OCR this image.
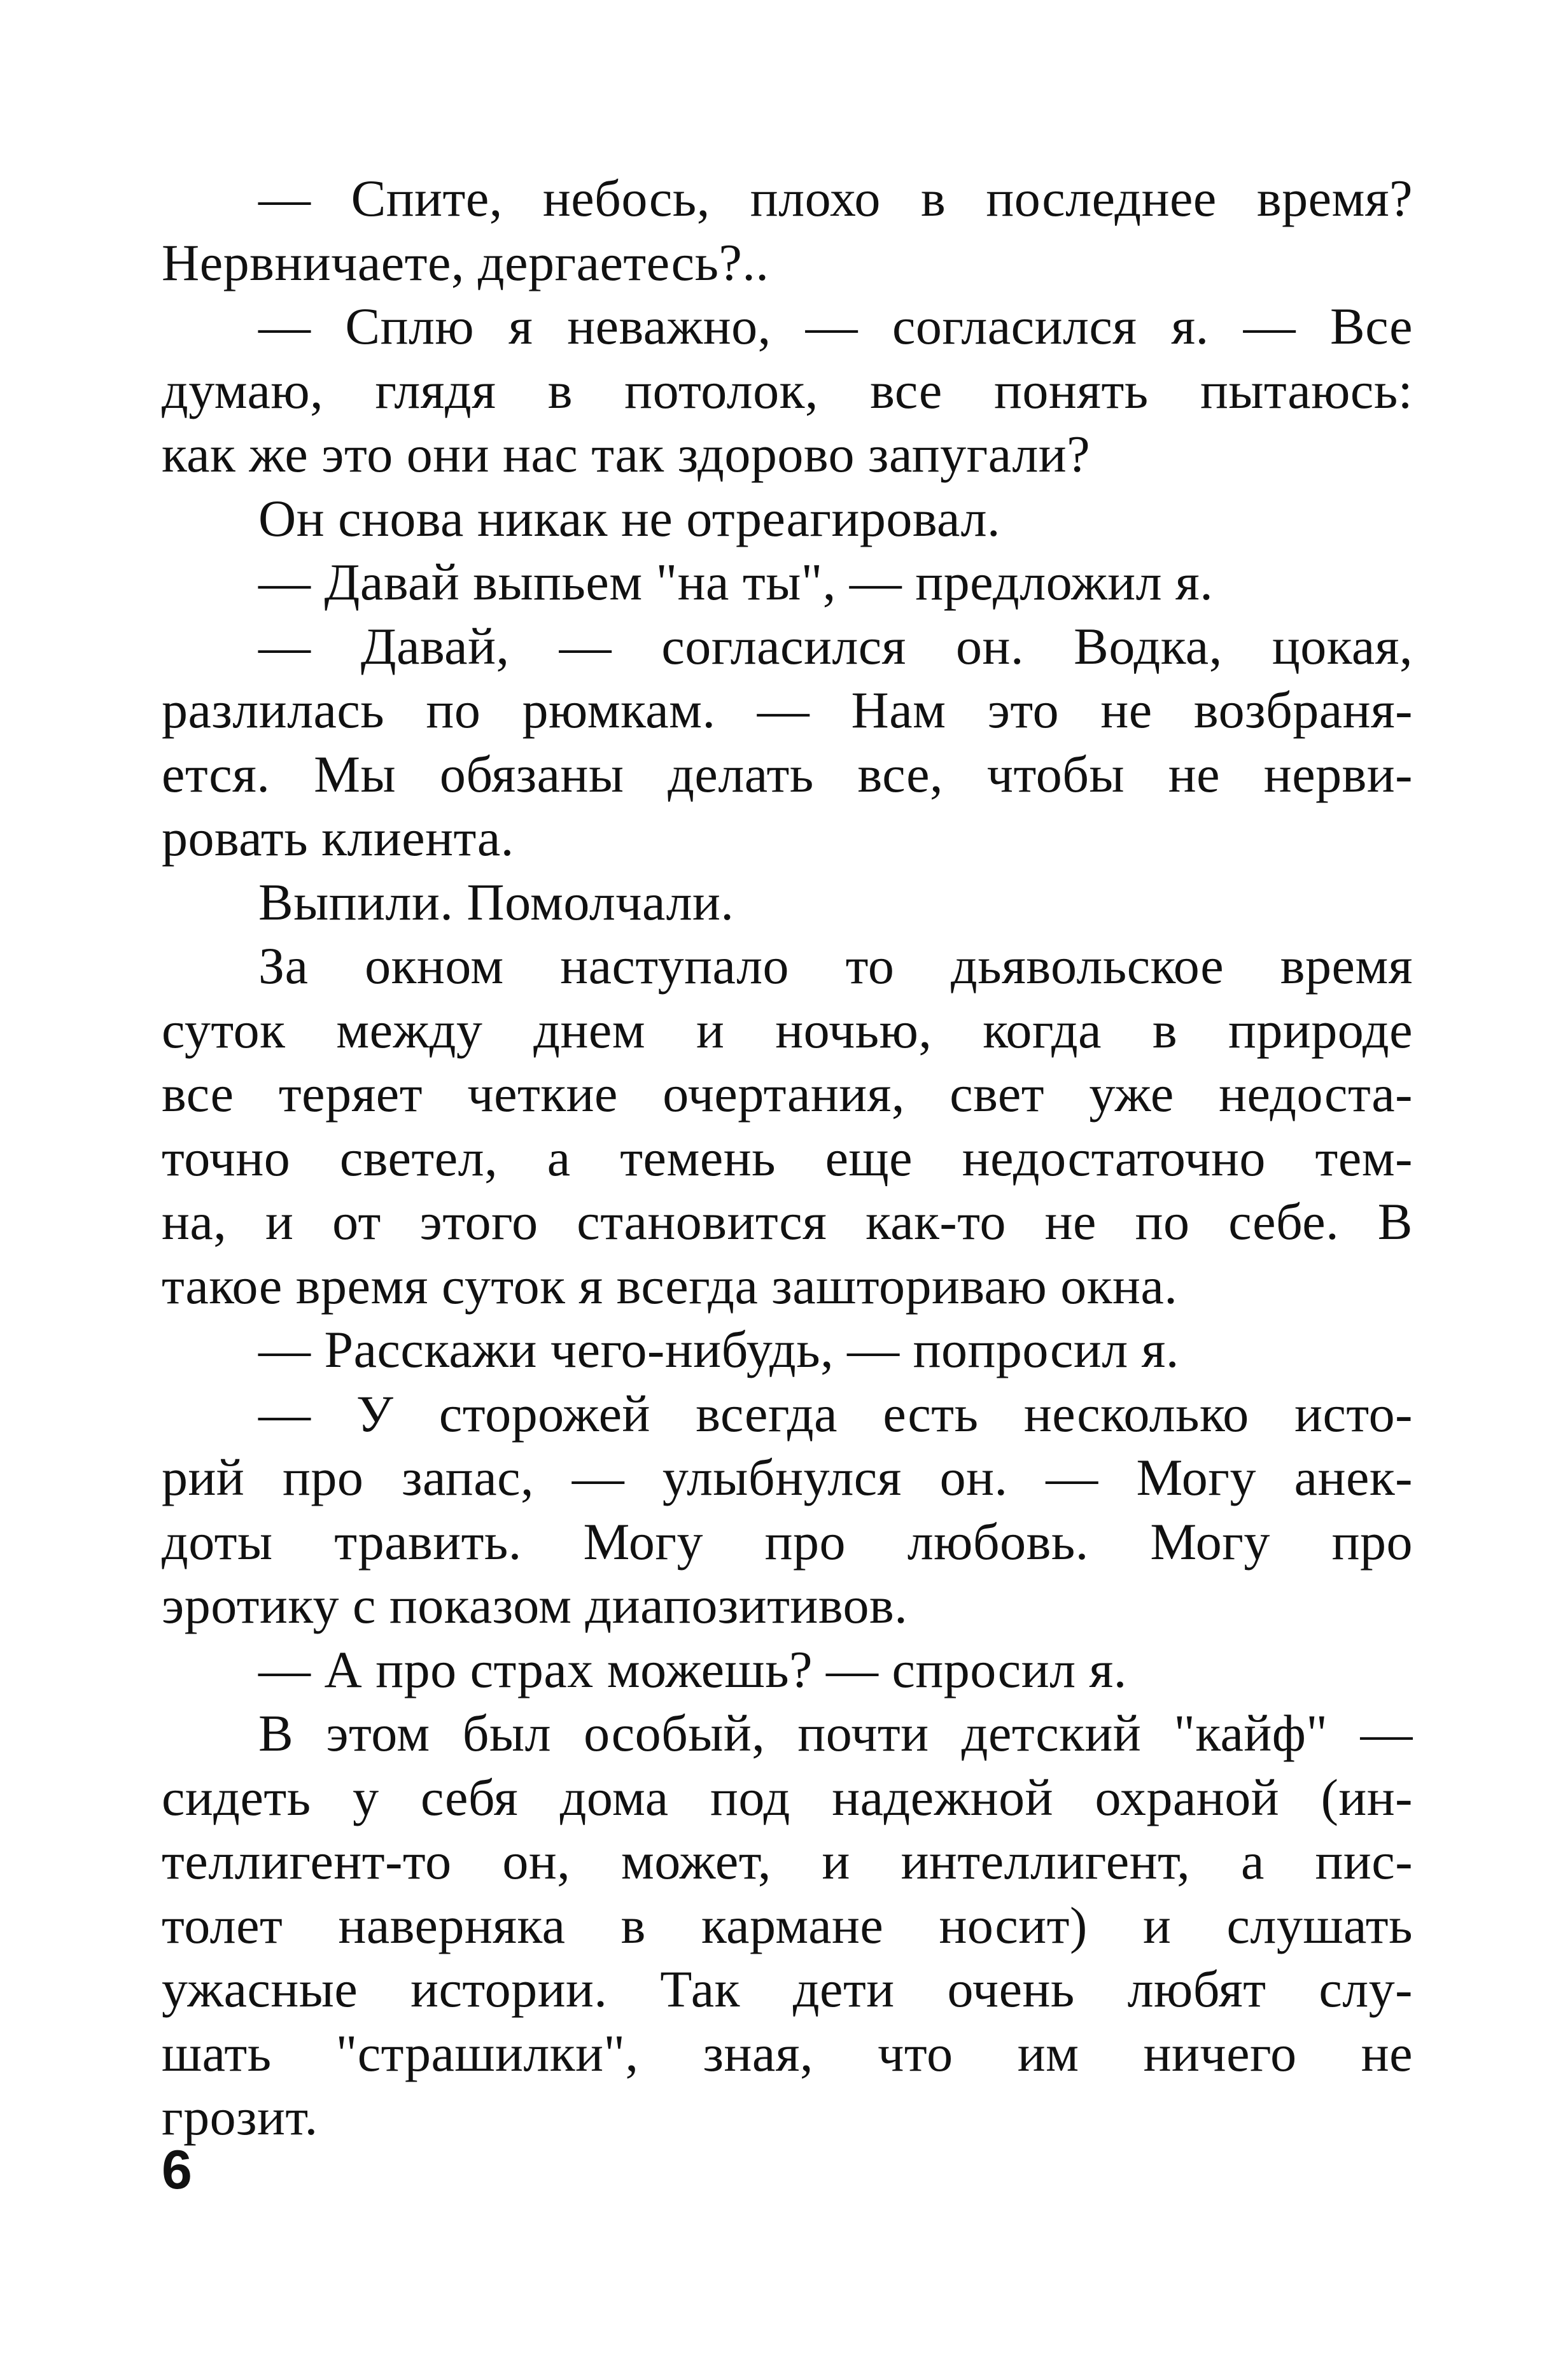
— Спите, небось, плохо в последнее время?
Нервничаете, дергаетесь?..
— Сплю я неважно, — согласился я. — Все
думаю, глядя в потолок, все понять пытаюсь:
как же это они нас так здорово запугали?
Он снова никак не отреагировал.
— Давай выпьем "на ты", — предложил я.
— Давай, — согласился он. Водка, цокая,
разлилась по рюмкам. — Нам это не возбраня-
ется. Мы обязаны делать все, чтобы не нерви-
ровать клиента.
Выпили. Помолчали.
За окном наступало то дьявольское время
суток между днем и ночью, когда в природе
все теряет четкие очертания, свет уже недоста-
точно светел, а темень еще недостаточно тем-
на, и от этого становится как-то не по себе. В
такое время суток я всегда зашториваю окна.
— Расскажи чего-нибудь, — попросил я.
— У сторожей всегда есть несколько исто-
рий про запас, — улыбнулся он. — Могу анек-
доты травить. Могу про любовь. Могу про
эротику с показом диапозитивов.
— А про страх можешь? — спросил я.
В этом был особый, почти детский "кайф" —
сидеть у себя дома под надежной охраной (ин-
теллигент-то он, может, и интеллигент, а пис-
толет наверняка в кармане носит) и слушать
ужасные истории. Так дети очень любят слу-
шать "страшилки", зная, что им ничего не
грозит.
6
